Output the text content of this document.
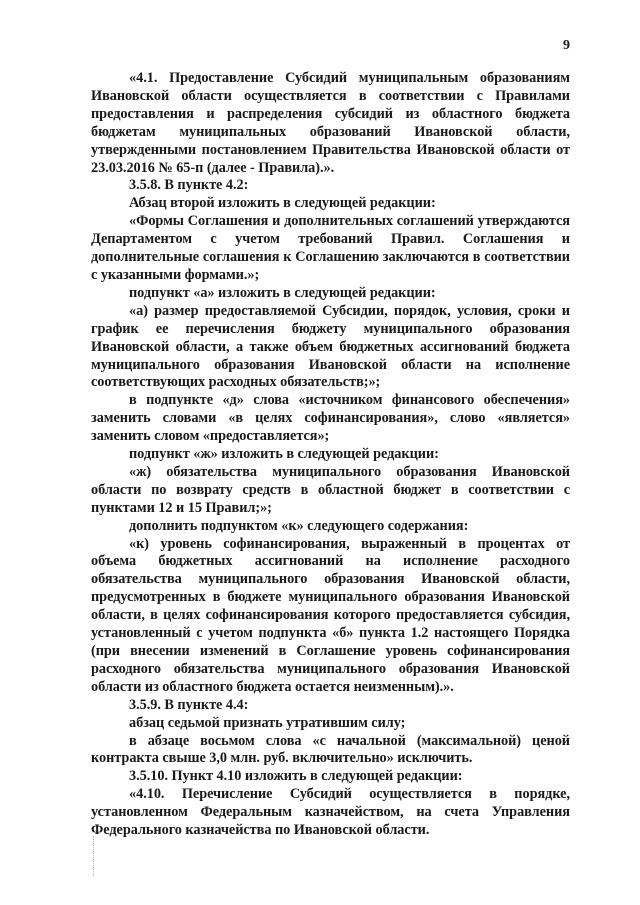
9

«4.1. Предоставление Субсидий муниципальным образованиям Ивановской области осуществляется в соответствии с Правилами предоставления и распределения субсидий из областного бюджета бюджетам муниципальных образований Ивановской области, утвержденными постановлением Правительства Ивановской области от 23.03.2016 № 65-п (далее - Правила).».

3.5.8. В пункте 4.2:

Абзац второй изложить в следующей редакции:

«Формы Соглашения и дополнительных соглашений утверждаются Департаментом с учетом требований Правил. Соглашения и дополнительные соглашения к Соглашению заключаются в соответствии с указанными формами.»;

подпункт «а» изложить в следующей редакции:

«а) размер предоставляемой Субсидии, порядок, условия, сроки и график ее перечисления бюджету муниципального образования Ивановской области, а также объем бюджетных ассигнований бюджета муниципального образования Ивановской области на исполнение соответствующих расходных обязательств;»;

в подпункте «д» слова «источником финансового обеспечения» заменить словами «в целях софинансирования», слово «является» заменить словом «предоставляется»;

подпункт «ж» изложить в следующей редакции:

«ж) обязательства муниципального образования Ивановской области по возврату средств в областной бюджет в соответствии с пунктами 12 и 15 Правил;»;

дополнить подпунктом «к» следующего содержания:

«к) уровень софинансирования, выраженный в процентах от объема бюджетных ассигнований на исполнение расходного обязательства муниципального образования Ивановской области, предусмотренных в бюджете муниципального образования Ивановской области, в целях софинансирования которого предоставляется субсидия, установленный с учетом подпункта «б» пункта 1.2 настоящего Порядка (при внесении изменений в Соглашение уровень софинансирования расходного обязательства муниципального образования Ивановской области из областного бюджета остается неизменным).».

3.5.9. В пункте 4.4:

абзац седьмой признать утратившим силу;

в абзаце восьмом слова «с начальной (максимальной) ценой контракта свыше 3,0 млн. руб. включительно» исключить.

3.5.10. Пункт 4.10 изложить в следующей редакции:

«4.10. Перечисление Субсидий осуществляется в порядке, установленном Федеральным казначейством, на счета Управления Федерального казначейства по Ивановской области.
